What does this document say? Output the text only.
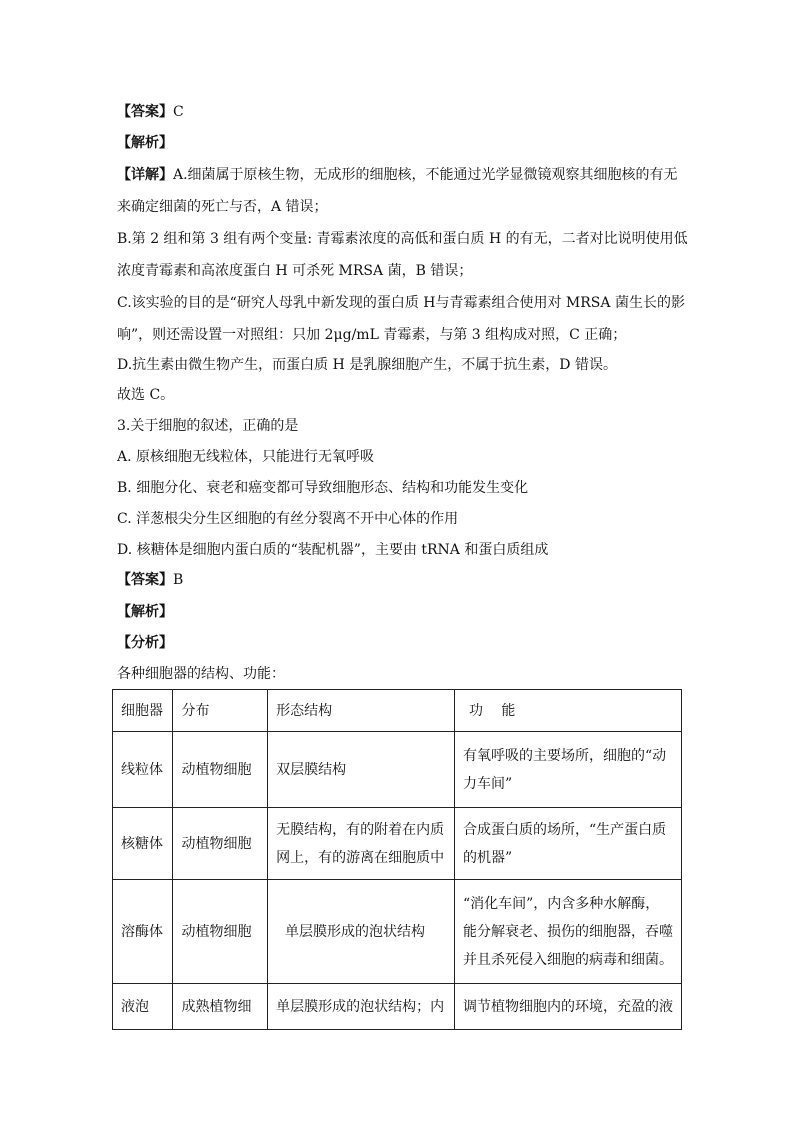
【答案】C
【解析】
【详解】A.细菌属于原核生物，无成形的细胞核，不能通过光学显微镜观察其细胞核的有无
来确定细菌的死亡与否，A 错误；
B.第 2 组和第 3 组有两个变量: 青霉素浓度的高低和蛋白质 H 的有无，二者对比说明使用低
浓度青霉素和高浓度蛋白 H 可杀死 MRSA 菌，B 错误；
C.该实验的目的是“研究人母乳中新发现的蛋白质 H与青霉素组合使用对 MRSA 菌生长的影
响”，则还需设置一对照组：只加 2μg/mL 青霉素，与第 3 组构成对照，C 正确；
D.抗生素由微生物产生，而蛋白质 H 是乳腺细胞产生，不属于抗生素，D 错误。
故选 C。
3.关于细胞的叙述，正确的是
A. 原核细胞无线粒体，只能进行无氧呼吸
B. 细胞分化、衰老和癌变都可导致细胞形态、结构和功能发生变化
C. 洋葱根尖分生区细胞的有丝分裂离不开中心体的作用
D. 核糖体是细胞内蛋白质的“装配机器”，主要由 tRNA 和蛋白质组成
【答案】B
【解析】
【分析】
各种细胞器的结构、功能：
细胞器	分布	形态结构	功　 能
线粒体	动植物细胞	双层膜结构	有氧呼吸的主要场所，细胞的“动力车间”
核糖体	动植物细胞	无膜结构，有的附着在内质网上，有的游离在细胞质中	合成蛋白质的场所，“生产蛋白质的机器”
溶酶体	动植物细胞	单层膜形成的泡状结构	“消化车间”，内含多种水解酶，能分解衰老、损伤的细胞器，吞噬并且杀死侵入细胞的病毒和细菌。
液泡	成熟植物细	单层膜形成的泡状结构；内	调节植物细胞内的环境，充盈的液
